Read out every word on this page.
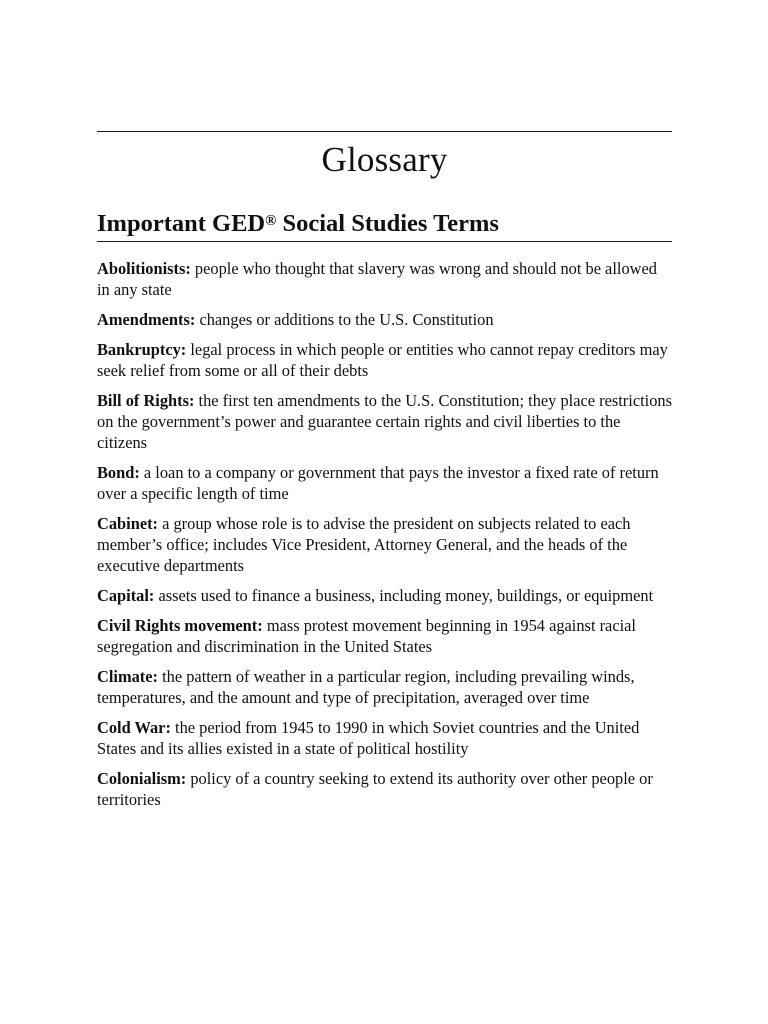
Glossary
Important GED® Social Studies Terms
Abolitionists: people who thought that slavery was wrong and should not be allowed in any state
Amendments: changes or additions to the U.S. Constitution
Bankruptcy: legal process in which people or entities who cannot repay creditors may seek relief from some or all of their debts
Bill of Rights: the first ten amendments to the U.S. Constitution; they place restrictions on the government’s power and guarantee certain rights and civil liberties to the citizens
Bond: a loan to a company or government that pays the investor a fixed rate of return over a specific length of time
Cabinet: a group whose role is to advise the president on subjects related to each member’s office; includes Vice President, Attorney General, and the heads of the executive departments
Capital: assets used to finance a business, including money, buildings, or equipment
Civil Rights movement: mass protest movement beginning in 1954 against racial segregation and discrimination in the United States
Climate: the pattern of weather in a particular region, including prevailing winds, temperatures, and the amount and type of precipitation, averaged over time
Cold War: the period from 1945 to 1990 in which Soviet countries and the United States and its allies existed in a state of political hostility
Colonialism: policy of a country seeking to extend its authority over other people or territories
